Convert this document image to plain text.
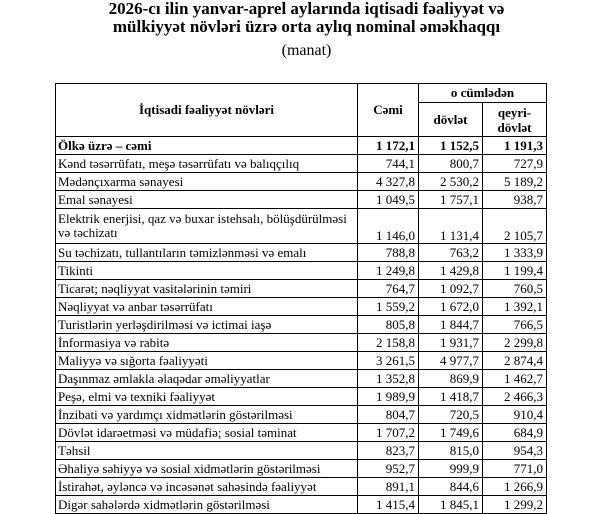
2026-cı ilin yanvar-aprel aylarında iqtisadi fəaliyyət və
mülkiyyət növləri üzrə orta aylıq nominal əməkhaqqı
(manat)
İqtisadi fəaliyyət növləri	Cəmi	o cümlədən	
		dövlət	qeyri-dövlət
Ölkə üzrə – cəmi	1 172,1	1 152,5	1 191,3
Kənd təsərrüfatı, meşə təsərrüfatı və balıqçılıq	744,1	800,7	727,9
Mədənçıxarma sənayesi	4 327,8	2 530,2	5 189,2
Emal sənayesi	1 049,5	1 757,1	938,7
Elektrik enerjisi, qaz və buxar istehsalı, bölüşdürülməsi və təchizatı	1 146,0	1 131,4	2 105,7
Su təchizatı, tullantıların təmizlənməsi və emalı	788,8	763,2	1 333,9
Tikinti	1 249,8	1 429,8	1 199,4
Ticarət; nəqliyyat vasitələrinin təmiri	764,7	1 092,7	760,5
Nəqliyyat və anbar təsərrüfatı	1 559,2	1 672,0	1 392,1
Turistlərin yerləşdirilməsi və ictimai iaşə	805,8	1 844,7	766,5
İnformasiya və rabitə	2 158,8	1 931,7	2 299,8
Maliyyə və sığorta fəaliyyəti	3 261,5	4 977,7	2 874,4
Daşınmaz əmlakla əlaqədar əməliyyatlar	1 352,8	869,9	1 462,7
Peşə, elmi və texniki fəaliyyət	1 989,9	1 418,7	2 466,3
İnzibati və yardımçı xidmətlərin göstərilməsi	804,7	720,5	910,4
Dövlət idarəetməsi və müdafiə; sosial təminat	1 707,2	1 749,6	684,9
Təhsil	823,7	815,0	954,3
Əhaliyə səhiyyə və sosial xidmətlərin göstərilməsi	952,7	999,9	771,0
İstirahət, əyləncə və incəsənət sahəsində fəaliyyət	891,1	844,6	1 266,9
Digər sahələrdə xidmətlərin göstərilməsi	1 415,4	1 845,1	1 299,2
